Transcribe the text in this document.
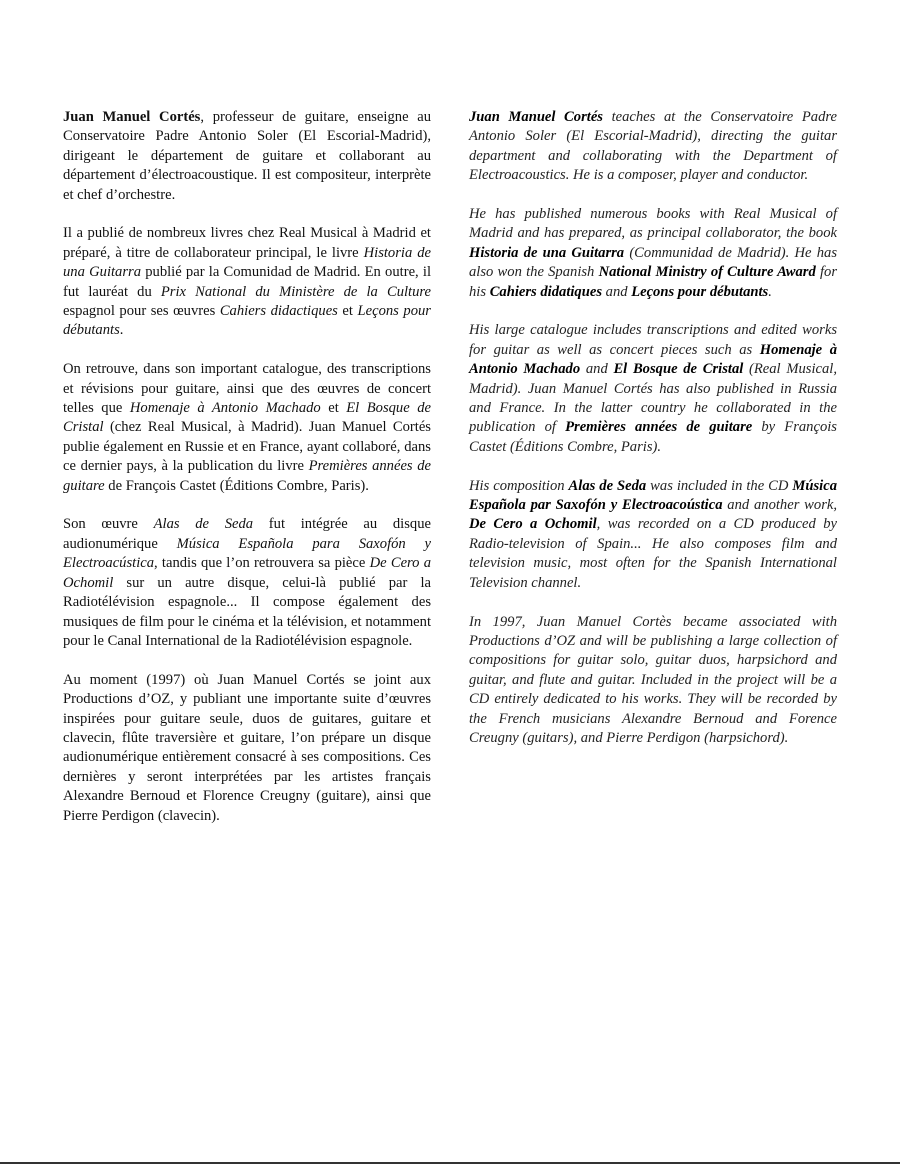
Juan Manuel Cortés, professeur de guitare, enseigne au Conservatoire Padre Antonio Soler (El Escorial-Madrid), dirigeant le département de guitare et collaborant au département d’électroacoustique. Il est compositeur, interprète et chef d’orchestre.

Il a publié de nombreux livres chez Real Musical à Madrid et préparé, à titre de collaborateur principal, le livre Historia de una Guitarra publié par la Comunidad de Madrid. En outre, il fut lauréat du Prix National du Ministère de la Culture espagnol pour ses œuvres Cahiers didactiques et Leçons pour débutants.

On retrouve, dans son important catalogue, des transcriptions et révisions pour guitare, ainsi que des œuvres de concert telles que Homenaje à Antonio Machado et El Bosque de Cristal (chez Real Musical, à Madrid). Juan Manuel Cortés publie également en Russie et en France, ayant collaboré, dans ce dernier pays, à la publication du livre Premières années de guitare de François Castet (Éditions Combre, Paris).

Son œuvre Alas de Seda fut intégrée au disque audionumérique Música Española para Saxofón y Electroacústica, tandis que l’on retrouvera sa pièce De Cero a Ochomil sur un autre disque, celui-là publié par la Radiotélévision espagnole... Il compose également des musiques de film pour le cinéma et la télévision, et notamment pour le Canal International de la Radiotélévision espagnole.

Au moment (1997) où Juan Manuel Cortés se joint aux Productions d’OZ, y publiant une importante suite d’œuvres inspirées pour guitare seule, duos de guitares, guitare et clavecin, flûte traversière et guitare, l’on prépare un disque audionumérique entièrement consacré à ses compositions. Ces dernières y seront interprétées par les artistes français Alexandre Bernoud et Florence Creugny (guitare), ainsi que Pierre Perdigon (clavecin).

Juan Manuel Cortés teaches at the Conservatoire Padre Antonio Soler (El Escorial-Madrid), directing the guitar department and collaborating with the Department of Electroacoustics. He is a composer, player and conductor.

He has published numerous books with Real Musical of Madrid and has prepared, as principal collaborator, the book Historia de una Guitarra (Communidad de Madrid). He has also won the Spanish National Ministry of Culture Award for his Cahiers didatiques and Leçons pour débutants.

His large catalogue includes transcriptions and edited works for guitar as well as concert pieces such as Homenaje à Antonio Machado and El Bosque de Cristal (Real Musical, Madrid). Juan Manuel Cortés has also published in Russia and France. In the latter country he collaborated in the publication of Premières années de guitare by François Castet (Éditions Combre, Paris).

His composition Alas de Seda was included in the CD Música Española par Saxofón y Electroacoústica and another work, De Cero a Ochomil, was recorded on a CD produced by Radio-television of Spain... He also composes film and television music, most often for the Spanish International Television channel.

In 1997, Juan Manuel Cortès became associated with Productions d’OZ and will be publishing a large collection of compositions for guitar solo, guitar duos, harpsichord and guitar, and flute and guitar. Included in the project will be a CD entirely dedicated to his works. They will be recorded by the French musicians Alexandre Bernoud and Forence Creugny (guitars), and Pierre Perdigon (harpsichord).
